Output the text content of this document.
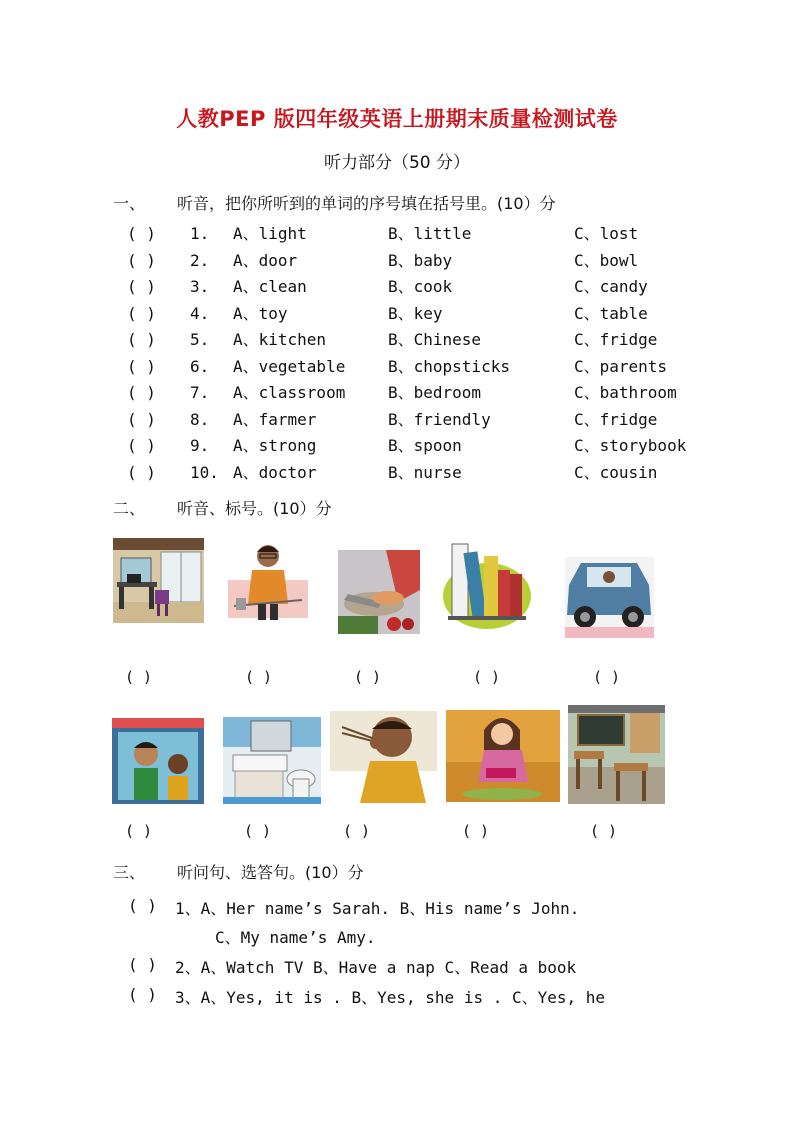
人教PEP 版四年级英语上册期末质量检测试卷
听力部分（50 分）
一、 听音，把你所听到的单词的序号填在括号里。(10）分
( ) 1. A、light	B、little	C、lost
( ) 2. A、door	B、baby	C、bowl
( ) 3. A、clean	B、cook	C、candy
( ) 4. A、toy	B、key	C、table
( ) 5. A、kitchen	B、Chinese	C、fridge
( ) 6. A、vegetable	B、chopsticks	C、parents
( ) 7. A、classroom	B、bedroom	C、bathroom
( ) 8. A、farmer	B、friendly	C、fridge
( ) 9. A、strong	B、spoon	C、storybook
( ) 10. A、doctor	B、nurse	C、cousin
二、 听音、标号。(10）分
( )	( )	( )	( )	( )
( )	( )	( )	( )	( )
三、 听问句、选答句。(10）分
( ) 1、A、Her name’s Sarah. B、His name’s John.
C、My name’s Amy.
( ) 2、A、Watch TV B、Have a nap C、Read a book
( ) 3、A、Yes, it is . B、Yes, she is . C、Yes, he
